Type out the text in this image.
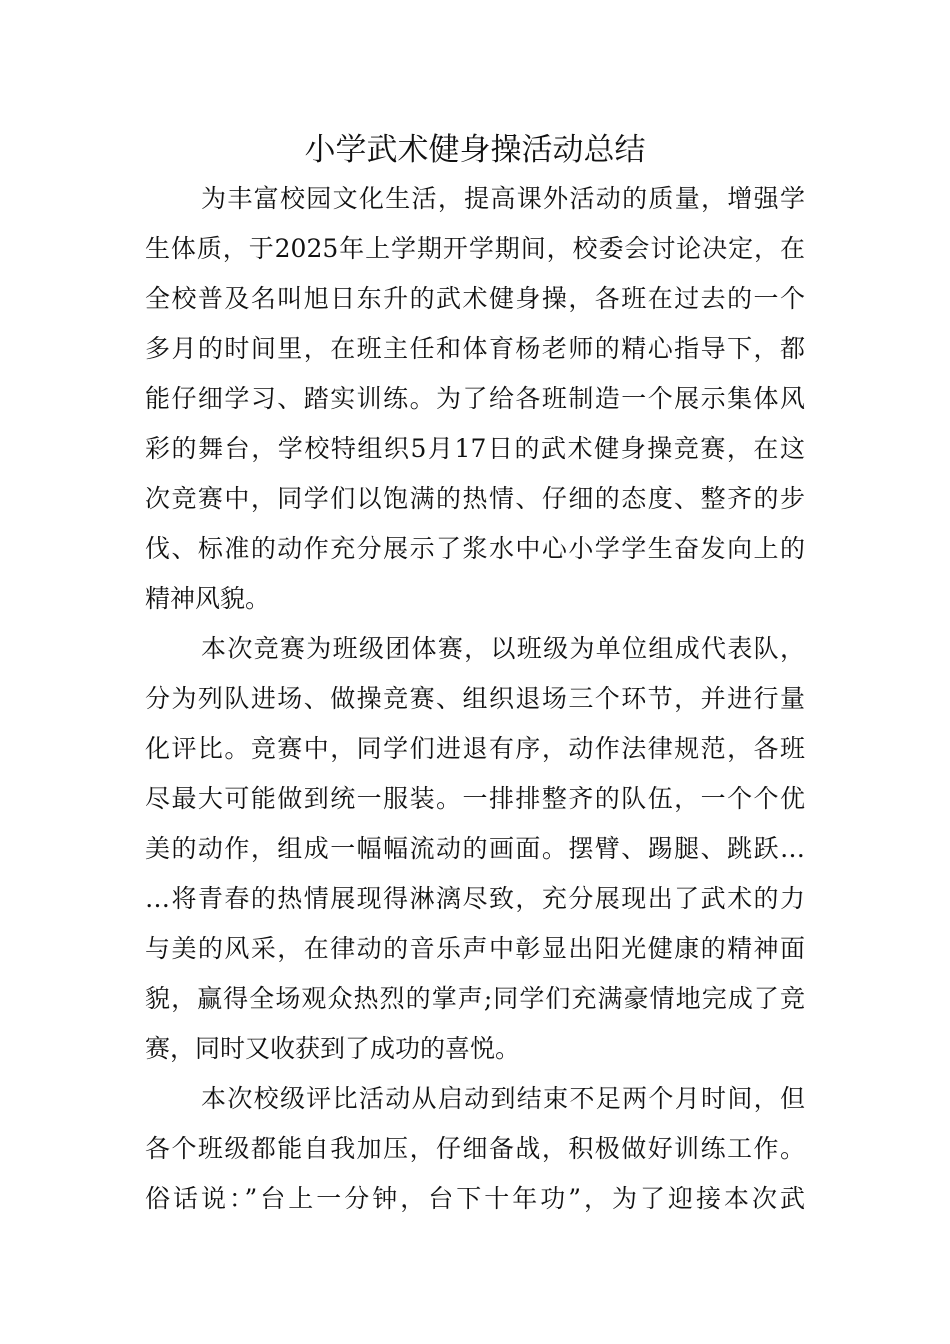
小学武术健身操活动总结
为丰富校园文化生活，提高课外活动的质量，增强学
生体质，于2025年上学期开学期间，校委会讨论决定，在
全校普及名叫旭日东升的武术健身操，各班在过去的一个
多月的时间里，在班主任和体育杨老师的精心指导下，都
能仔细学习、踏实训练。为了给各班制造一个展示集体风
彩的舞台，学校特组织5月17日的武术健身操竞赛，在这
次竞赛中，同学们以饱满的热情、仔细的态度、整齐的步
伐、标准的动作充分展示了浆水中心小学学生奋发向上的
精神风貌。
本次竞赛为班级团体赛，以班级为单位组成代表队，
分为列队进场、做操竞赛、组织退场三个环节，并进行量
化评比。竞赛中，同学们进退有序，动作法律规范，各班
尽最大可能做到统一服装。一排排整齐的队伍，一个个优
美的动作，组成一幅幅流动的画面。摆臂、踢腿、跳跃…
…将青春的热情展现得淋漓尽致，充分展现出了武术的力
与美的风采，在律动的音乐声中彰显出阳光健康的精神面
貌，赢得全场观众热烈的掌声;同学们充满豪情地完成了竞
赛，同时又收获到了成功的喜悦。
本次校级评比活动从启动到结束不足两个月时间，但
各个班级都能自我加压，仔细备战，积极做好训练工作。
俗话说：”台上一分钟，台下十年功”，为了迎接本次武
